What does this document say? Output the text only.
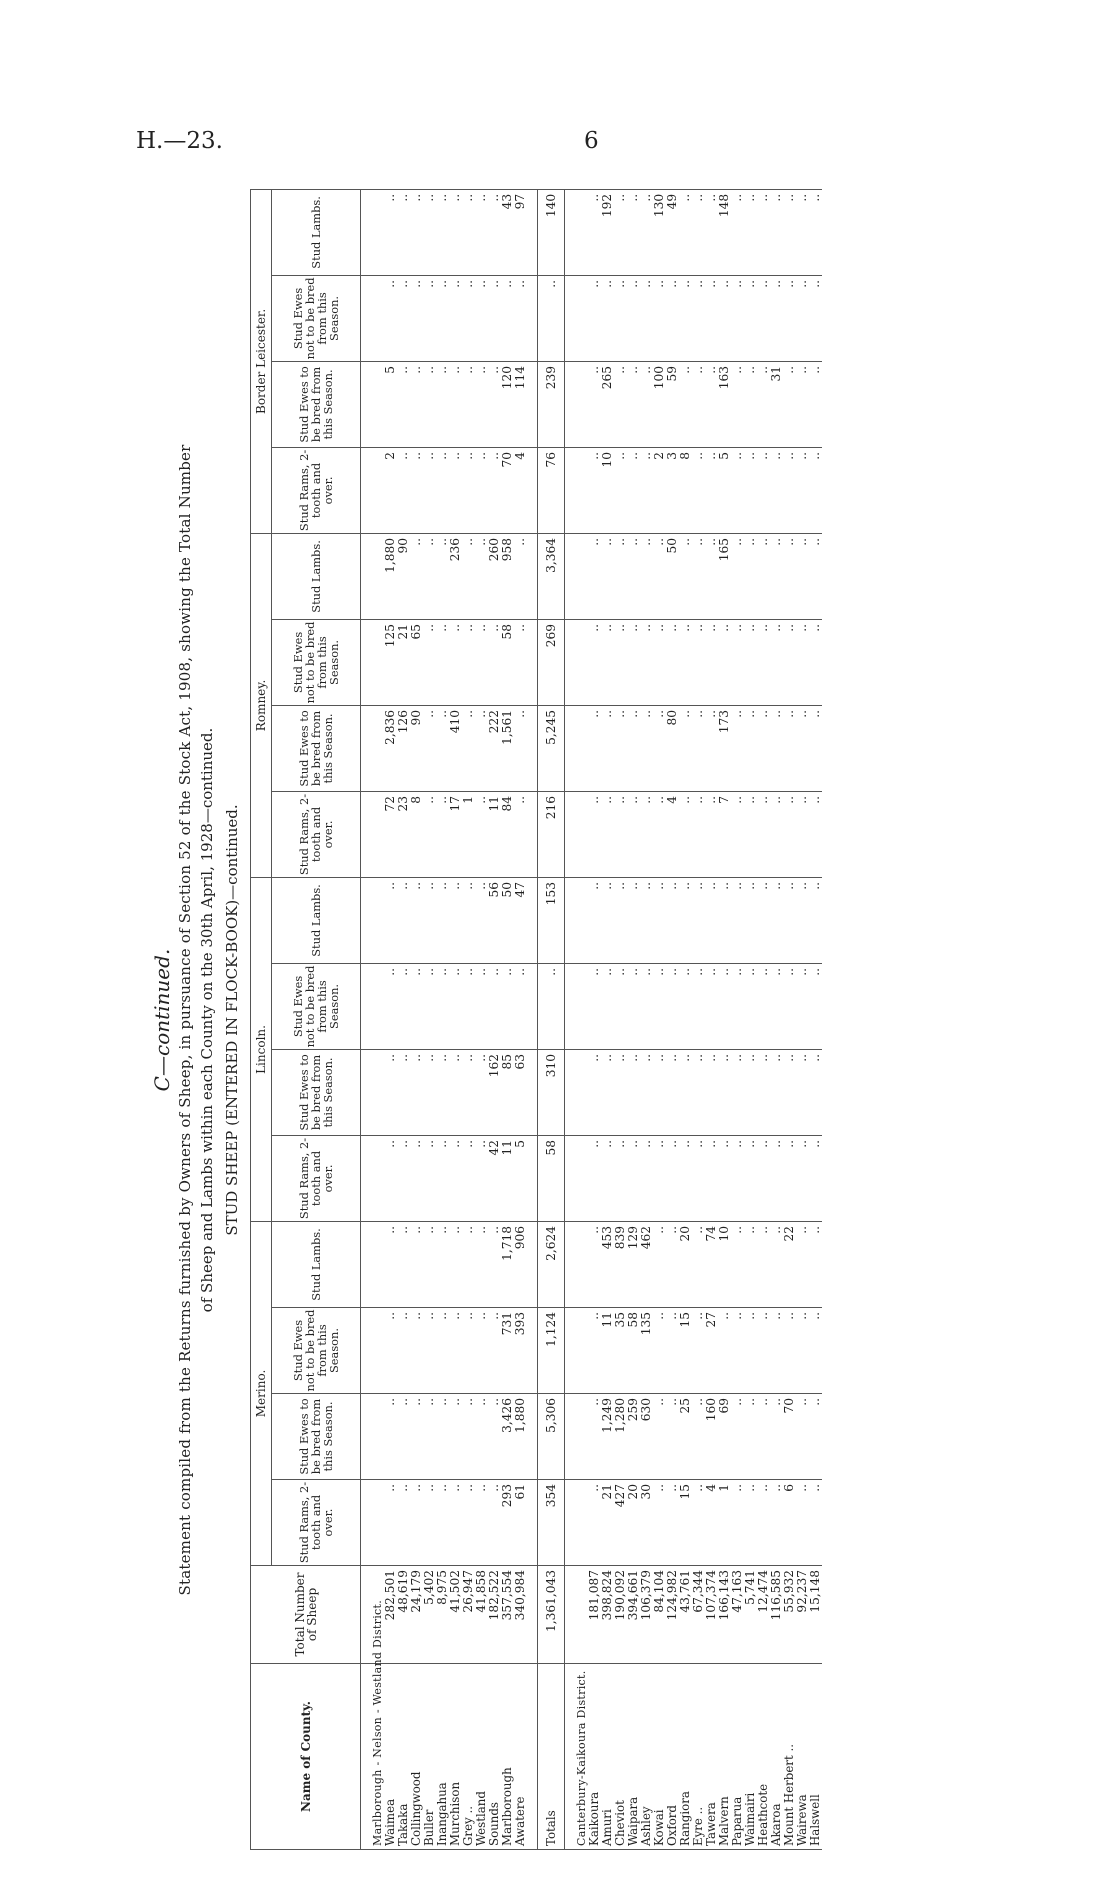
H.—23.	6
C—continued. Statement compiled from the Returns furnished by Owners of Sheep, in pursuance of Section 52 of the Stock Act, 1908, showing the Total Number of Sheep and Lambs within each County on the 30th April, 1928—continued. STUD SHEEP (ENTERED IN FLOCK-BOOK)—continued.
Name of County.	Total Number of Sheep	Merino.				Lincoln.				Romney.				Border Leicester.			
		Stud Rams, 2-tooth and over.	Stud Ewes to be bred from this Season.	Stud Ewes not to be bred from this Season.	Stud Lambs.	Stud Rams, 2-tooth and over.	Stud Ewes to be bred from this Season.	Stud Ewes not to be bred from this Season.	Stud Lambs.	Stud Rams, 2-tooth and over.	Stud Ewes to be bred from this Season.	Stud Ewes not to be bred from this Season.	Stud Lambs.	Stud Rams, 2-tooth and over.	Stud Ewes to be bred from this Season.	Stud Ewes not to be bred from this Season.	Stud Lambs.

Marlborough - Nelson - Westland District.																	
Waimea	282,501	..	..	..	..	..	..	..	..	72	2,836	125	1,880	2	5	..	..
Takaka	48,619	..	..	..	..	..	..	..	..	23	126	21	90	..	..	..	..
Collingwood	24,179	..	..	..	..	..	..	..	..	8	90	65	..	..	..	..	..
Buller	5,402	..	..	..	..	..	..	..	..	..	..	..	..	..	..	..	..
Inangahua	8,975	..	..	..	..	..	..	..	..	..	..	..	..	..	..	..	..
Murchison	41,502	..	..	..	..	..	..	..	..	17	410	..	236	..	..	..	..
Grey ..	26,947	..	..	..	..	..	..	..	..	1	..	..	..	..	..	..	..
Westland	41,858	..	..	..	..	..	..	..	..	..	..	..	..	..	..	..	..
Sounds	182,522	..	..	..	..	42	162	..	56	11	222	..	260	..	..	..	..
Marlborough	357,554	293	3,426	731	1,718	11	85	..	50	84	1,561	58	958	70	120	..	43
Awatere	340,984	61	1,880	393	906	5	63	..	47	..	..	..	..	4	114	..	97

Totals	1,361,043	354	5,306	1,124	2,624	58	310	..	153	216	5,245	269	3,364	76	239	..	140

Canterbury-Kaikoura District.																	
Kaikoura	181,087	..	..	..	..	..	..	..	..	..	..	..	..	..	..	..	..
Amuri	398,824	21	1,249	11	453	..	..	..	..	..	..	..	..	10	265	..	192
Cheviot	190,092	427	1,280	35	839	..	..	..	..	..	..	..	..	..	..	..	..
Waipara	394,661	20	259	58	129	..	..	..	..	..	..	..	..	..	..	..	..
Ashley	106,379	30	630	135	462	..	..	..	..	..	..	..	..	..	..	..	..
Kowai	84,104	..	..	..	..	..	..	..	..	..	..	..	..	2	100	..	130
Oxford	124,982	..	..	..	..	..	..	..	..	4	80	..	50	3	59	..	49
Rangiora	43,761	15	25	15	20	..	..	..	..	..	..	..	..	8	..	..	..
Eyre ..	67,344	..	..	..	..	..	..	..	..	..	..	..	..	..	..	..	..
Tawera	107,374	4	160	27	74	..	..	..	..	..	..	..	..	..	..	..	..
Malvern	166,143	1	69	..	10	..	..	..	..	7	173	..	165	5	163	..	148
Paparua	47,163	..	..	..	..	..	..	..	..	..	..	..	..	..	..	..	..
Waimairi	5,741	..	..	..	..	..	..	..	..	..	..	..	..	..	..	..	..
Heathcote	12,474	..	..	..	..	..	..	..	..	..	..	..	..	..	..	..	..
Akaroa	116,585	..	..	..	..	..	..	..	..	..	..	..	..	..	31	..	..
Mount Herbert ..	55,932	6	70	..	22	..	..	..	..	..	..	..	..	..	..	..	..
Wairewa	92,237	..	..	..	..	..	..	..	..	..	..	..	..	..	..	..	..
Halswell	15,148	..	..	..	..	..	..	..	..	..	..	..	..	..	..	..	..
